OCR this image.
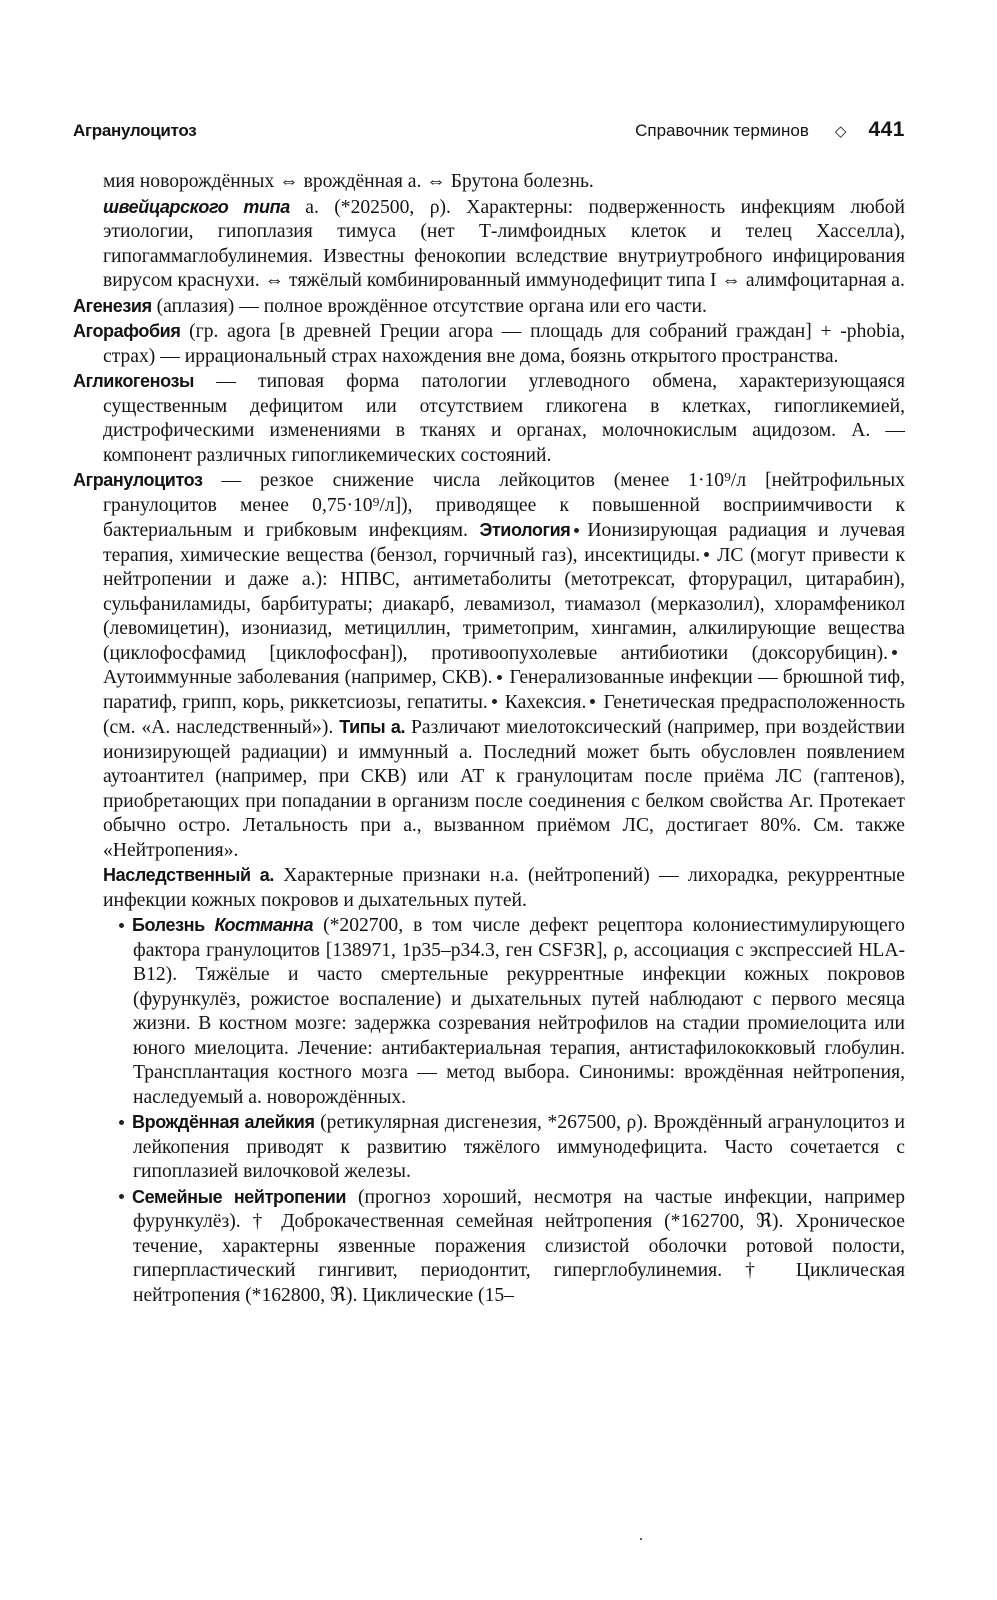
Агранулоцитоз	Справочник терминов ◇ 441

мия новорождённых ⇔ врождённая а. ⇔ Брутона болезнь.

швейцарского типа а. (*202500, ρ). Характерны: подверженность инфекциям любой этиологии, гипоплазия тимуса (нет Т-лимфоидных клеток и телец Хасселла), гипогаммаглобулинемия. Известны фенокопии вследствие внутриутробного инфицирования вирусом краснухи. ⇔ тяжёлый комбинированный иммунодефицит типа I ⇔ алимфоцитарная а.

Агенезия (аплазия) — полное врождённое отсутствие органа или его части.

Агорафобия (гр. agora [в древней Греции агора — площадь для собраний граждан] + -phobia, страх) — иррациональный страх нахождения вне дома, боязнь открытого пространства.

Агликогенозы — типовая форма патологии углеводного обмена, характеризующаяся существенным дефицитом или отсутствием гликогена в клетках, гипогликемией, дистрофическими изменениями в тканях и органах, молочнокислым ацидозом. А. — компонент различных гипогликемических состояний.

Агранулоцитоз — резкое снижение числа лейкоцитов (менее 1·10⁹/л [нейтрофильных гранулоцитов менее 0,75·10⁹/л]), приводящее к повышенной восприимчивости к бактериальным и грибковым инфекциям. Этиология Ионизирующая радиация и лучевая терапия, химические вещества (бензол, горчичный газ), инсектициды. ЛС (могут привести к нейтропении и даже а.): НПВС, антиметаболиты (метотрексат, фторурацил, цитарабин), сульфаниламиды, барбитураты; диакарб, левамизол, тиамазол (мерказолил), хлорамфеникол (левомицетин), изониазид, метициллин, триметоприм, хингамин, алкилирующие вещества (циклофосфамид [циклофосфан]), противоопухолевые антибиотики (доксорубицин).Аутоиммунные заболевания (например, СКВ). Генерализованные инфекции — брюшной тиф, паратиф, грипп, корь, риккетсиозы, гепатиты. Кахексия. Генетическая предрасположенность (см. «А. наследственный»). Типы а. Различают миелотоксический (например, при воздействии ионизирующей радиации) и иммунный а. Последний может быть обусловлен появлением аутоантител (например, при СКВ) или АТ к гранулоцитам после приёма ЛС (гаптенов), приобретающих при попадании в организм после соединения с белком свойства Аг. Протекает обычно остро. Летальность при а., вызванном приёмом ЛС, достигает 80%. См. также «Нейтропения».

Наследственный а. Характерные признаки н.а. (нейтропений) — лихорадка, рекуррентные инфекции кожных покровов и дыхательных путей.

Болезнь Костманна (*202700, в том числе дефект рецептора колониестимулирующего фактора гранулоцитов [138971, 1p35–p34.3, ген CSF3R], ρ, ассоциация с экспрессией HLA-B12). Тяжёлые и часто смертельные рекуррентные инфекции кожных покровов (фурункулёз, рожистое воспаление) и дыхательных путей наблюдают с первого месяца жизни. В костном мозге: задержка созревания нейтрофилов на стадии промиелоцита или юного миелоцита. Лечение: антибактериальная терапия, антистафилококковый глобулин. Трансплантация костного мозга — метод выбора. Синонимы: врождённая нейтропения, наследуемый а. новорождённых.

Врождённая алейкия (ретикулярная дисгенезия, *267500, ρ). Врождённый агранулоцитоз и лейкопения приводят к развитию тяжёлого иммунодефицита. Часто сочетается с гипоплазией вилочковой железы.

Семейные нейтропении (прогноз хороший, несмотря на частые инфекции, например фурункулёз). † Доброкачественная семейная нейтропения (*162700, ℜ). Хроническое течение, характерны язвенные поражения слизистой оболочки ротовой полости, гиперпластический гингивит, периодонтит, гиперглобулинемия. † Циклическая нейтропения (*162800, ℜ). Циклические (15–
